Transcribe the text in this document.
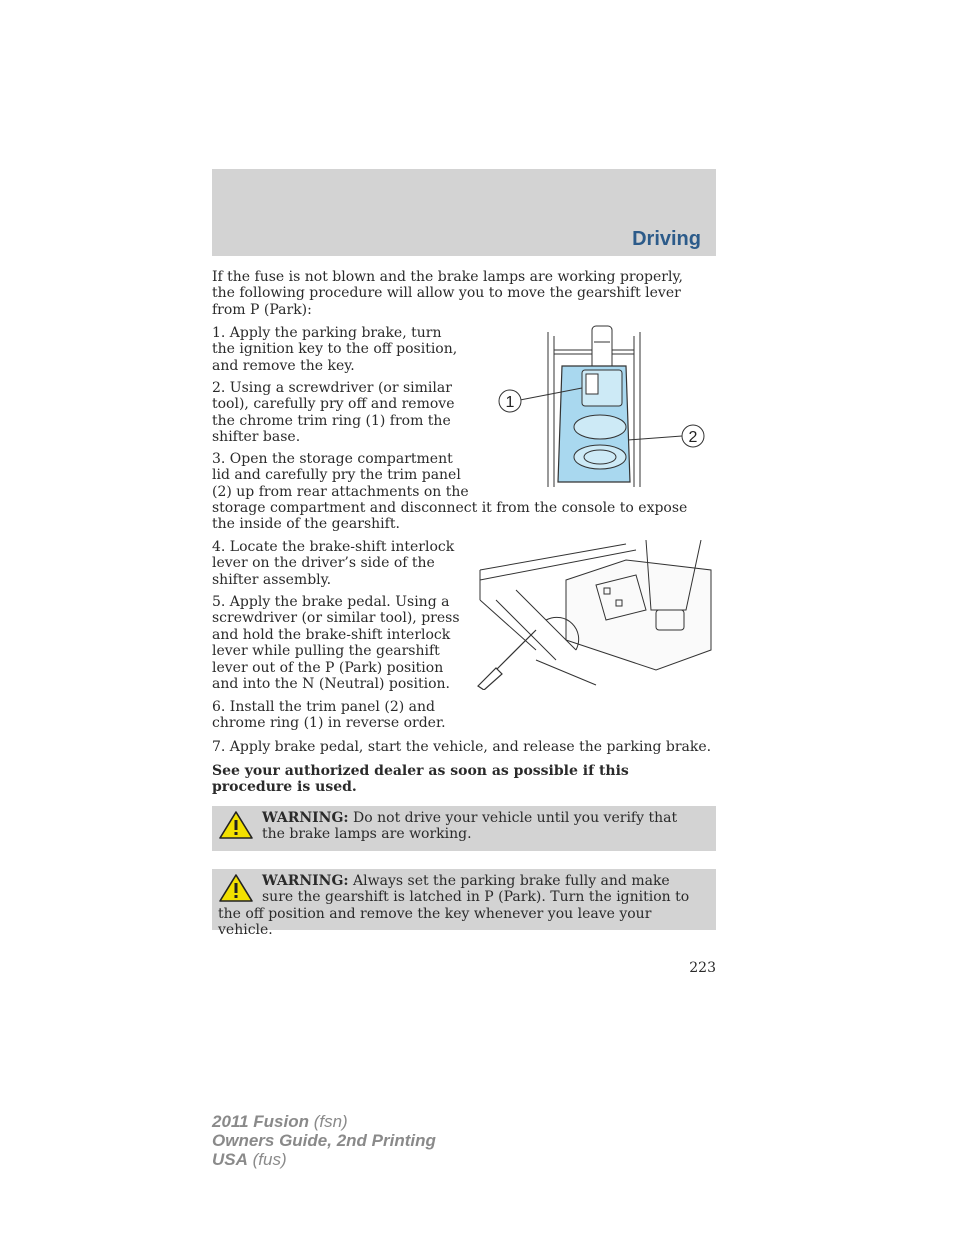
Driving

If the fuse is not blown and the brake lamps are working properly, the following procedure will allow you to move the gearshift lever from P (Park):

1. Apply the parking brake, turn the ignition key to the off position, and remove the key.

2. Using a screwdriver (or similar tool), carefully pry off and remove the chrome trim ring (1) from the shifter base.

3. Open the storage compartment lid and carefully pry the trim panel (2) up from rear attachments on the

storage compartment and disconnect it from the console to expose the inside of the gearshift.

1
2

4. Locate the brake-shift interlock lever on the driver’s side of the shifter assembly.

5. Apply the brake pedal. Using a screwdriver (or similar tool), press and hold the brake-shift interlock lever while pulling the gearshift lever out of the P (Park) position and into the N (Neutral) position.

6. Install the trim panel (2) and chrome ring (1) in reverse order.

7. Apply brake pedal, start the vehicle, and release the parking brake.

See your authorized dealer as soon as possible if this procedure is used.

WARNING: Do not drive your vehicle until you verify that the brake lamps are working.

WARNING: Always set the parking brake fully and make sure the gearshift is latched in P (Park). Turn the ignition to the off position and remove the key whenever you leave your vehicle.

223
2011 Fusion (fsn)
Owners Guide, 2nd Printing
USA (fus)
